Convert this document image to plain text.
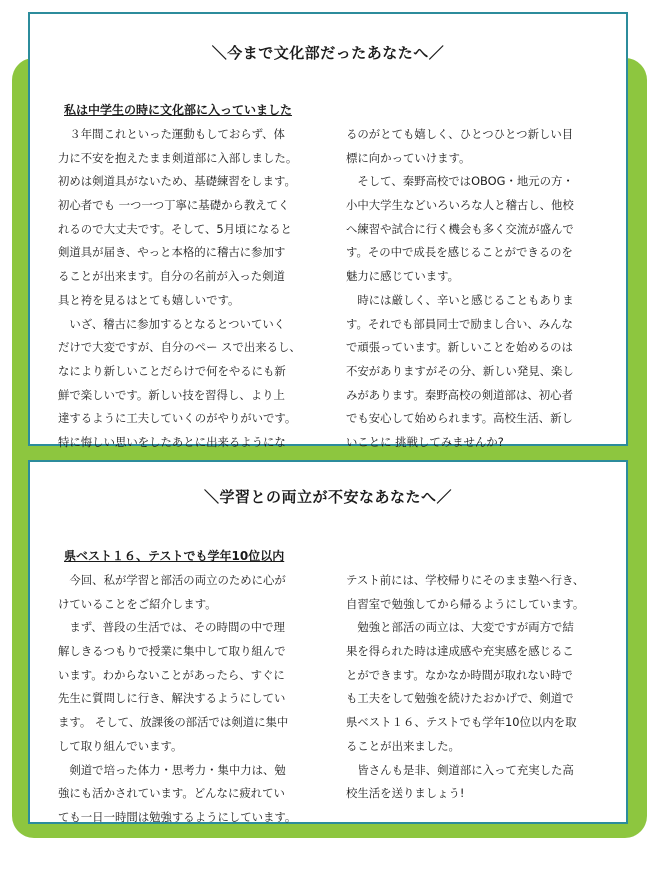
＼今まで文化部だったあなたへ／
私は中学生の時に文化部に入っていました
　３年間これといった運動もしておらず、体
力に不安を抱えたまま剣道部に入部しました。
初めは剣道具がないため、基礎練習をします。
初心者でも 一つ一つ丁寧に基礎から教えてく
れるので大丈夫です。そして、5月頃になると
剣道具が届き、やっと本格的に稽古に参加す
ることが出来ます。自分の名前が入った剣道
具と袴を見るはとても嬉しいです。
　いざ、稽古に参加するとなるとついていく
だけで大変ですが、自分のペー スで出来るし、
なにより新しいことだらけで何をやるにも新
鮮で楽しいです。新しい技を習得し、より上
達するように工夫していくのがやりがいです。
特に悔しい思いをしたあとに出来るようにな
るのがとても嬉しく、ひとつひとつ新しい目
標に向かっていけます。
　そして、秦野高校ではOBOG・地元の方・
小中大学生などいろいろな人と稽古し、他校
へ練習や試合に行く機会も多く交流が盛んで
す。その中で成長を感じることができるのを
魅力に感じています。
　時には厳しく、辛いと感じることもありま
す。それでも部員同士で励まし合い、みんな
で頑張っています。新しいことを始めるのは
不安がありますがその分、新しい発見、楽し
みがあります。秦野高校の剣道部は、初心者
でも安心して始められます。高校生活、新し
いことに 挑戦してみませんか?
＼学習との両立が不安なあなたへ／
県ベスト１６、テストでも学年10位以内
　今回、私が学習と部活の両立のために心が
けていることをご紹介します。
　まず、普段の生活では、その時間の中で理
解しきるつもりで授業に集中して取り組んで
います。わからないことがあったら、すぐに
先生に質問しに行き、解決するようにしてい
ます。 そして、放課後の部活では剣道に集中
して取り組んでいます。
　剣道で培った体力・思考力・集中力は、勉
強にも活かされています。どんなに疲れてい
ても一日一時間は勉強するようにしています。
テスト前には、学校帰りにそのまま塾へ行き、
自習室で勉強してから帰るようにしています。
　勉強と部活の両立は、大変ですが両方で結
果を得られた時は達成感や充実感を感じるこ
とができます。なかなか時間が取れない時で
も工夫をして勉強を続けたおかげで、剣道で
県ベスト１６、テストでも学年10位以内を取
ることが出来ました。
　皆さんも是非、剣道部に入って充実した高
校生活を送りましょう!
